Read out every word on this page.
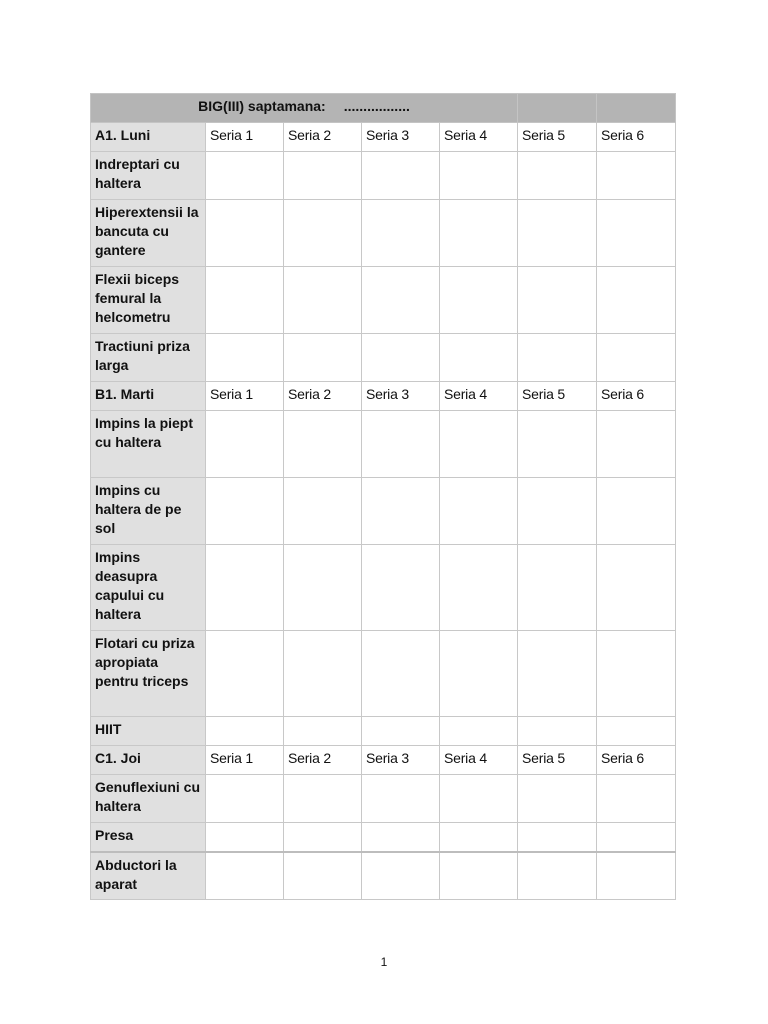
BIG(III) saptamana: .................						
A1. Luni	Seria 1	Seria 2	Seria 3	Seria 4	Seria 5	Seria 6
Indreptari cu haltera						
Hiperextensii la bancuta cu gantere						
Flexii biceps femural la helcometru						
Tractiuni priza larga						
B1. Marti	Seria 1	Seria 2	Seria 3	Seria 4	Seria 5	Seria 6
Impins la piept cu haltera						
Impins cu haltera de pe sol						
Impins deasupra capului cu haltera						
Flotari cu priza apropiata pentru triceps						
HIIT						
C1. Joi	Seria 1	Seria 2	Seria 3	Seria 4	Seria 5	Seria 6
Genuflexiuni cu haltera						
Presa						
Abductori la aparat						
1
